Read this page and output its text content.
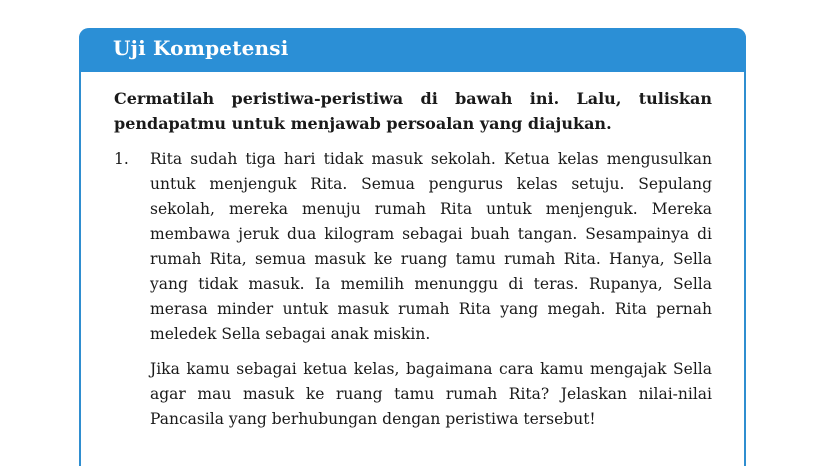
Uji Kompetensi

Cermatilah peristiwa-peristiwa di bawah ini. Lalu, tuliskan pendapatmu untuk menjawab persoalan yang diajukan.

1. Rita sudah tiga hari tidak masuk sekolah. Ketua kelas mengusulkan untuk menjenguk Rita. Semua pengurus kelas setuju. Sepulang sekolah, mereka menuju rumah Rita untuk menjenguk. Mereka membawa jeruk dua kilogram sebagai buah tangan. Sesampainya di rumah Rita, semua masuk ke ruang tamu rumah Rita. Hanya, Sella yang tidak masuk. Ia memilih menunggu di teras. Rupanya, Sella merasa minder untuk masuk rumah Rita yang megah. Rita pernah meledek Sella sebagai anak miskin.

Jika kamu sebagai ketua kelas, bagaimana cara kamu mengajak Sella agar mau masuk ke ruang tamu rumah Rita? Jelaskan nilai-nilai Pancasila yang berhubungan dengan peristiwa tersebut!
